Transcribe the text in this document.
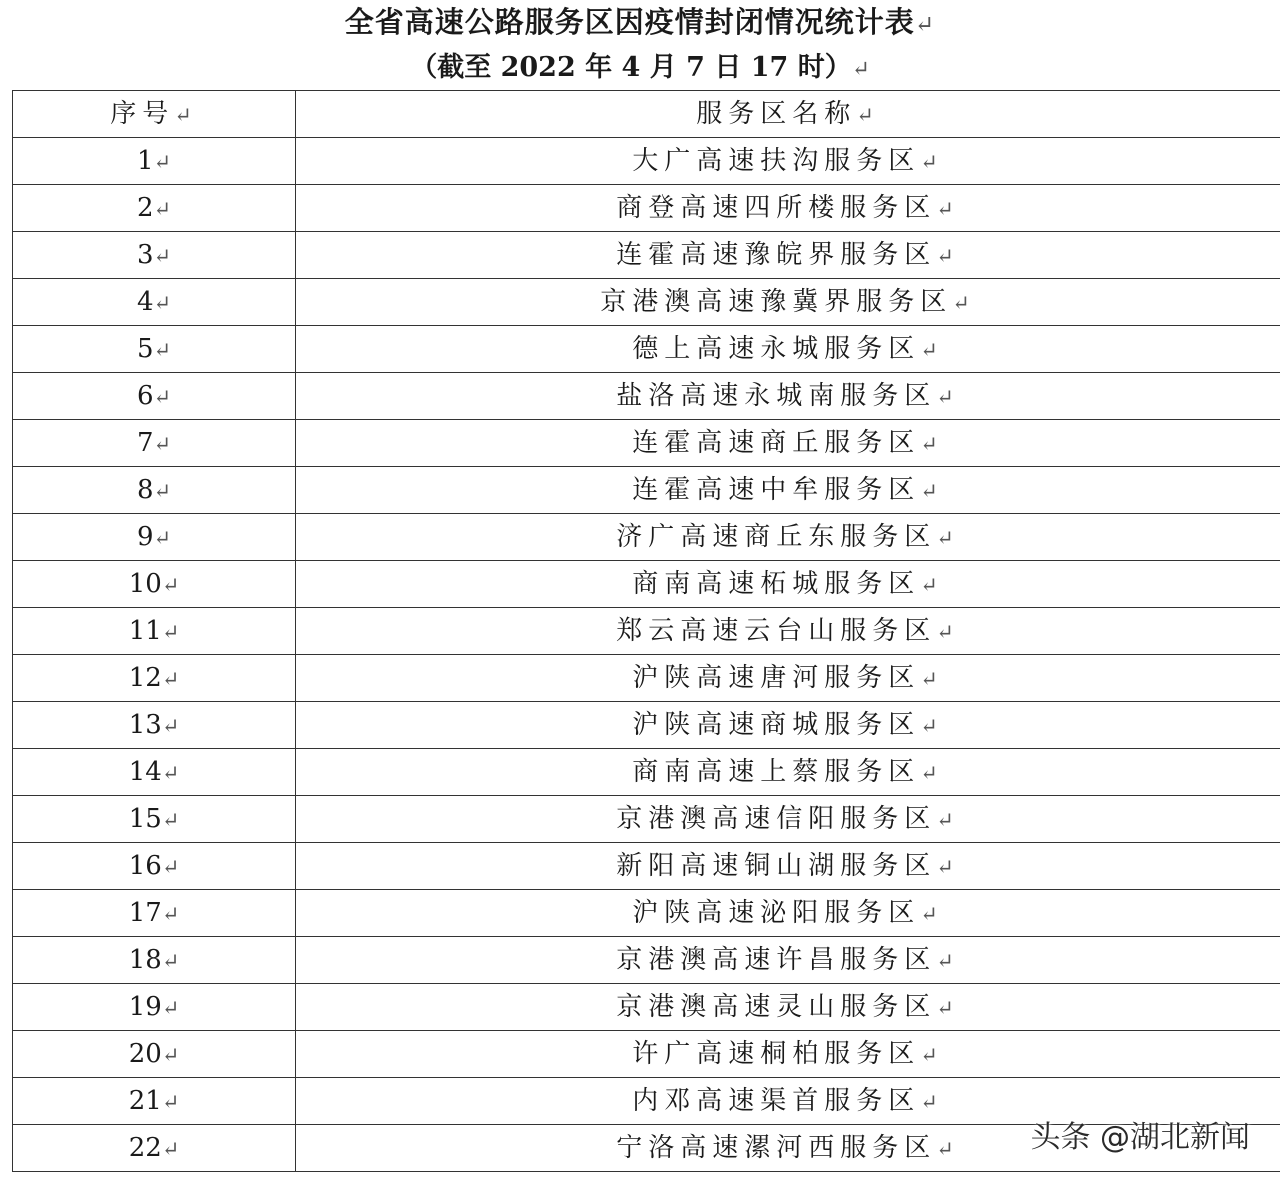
全省高速公路服务区因疫情封闭情况统计表↵
（截至 2022 年 4 月 7 日 17 时）↵
序号↵	服务区名称↵
1↵	大广高速扶沟服务区↵
2↵	商登高速四所楼服务区↵
3↵	连霍高速豫皖界服务区↵
4↵	京港澳高速豫冀界服务区↵
5↵	德上高速永城服务区↵
6↵	盐洛高速永城南服务区↵
7↵	连霍高速商丘服务区↵
8↵	连霍高速中牟服务区↵
9↵	济广高速商丘东服务区↵
10↵	商南高速柘城服务区↵
11↵	郑云高速云台山服务区↵
12↵	沪陕高速唐河服务区↵
13↵	沪陕高速商城服务区↵
14↵	商南高速上蔡服务区↵
15↵	京港澳高速信阳服务区↵
16↵	新阳高速铜山湖服务区↵
17↵	沪陕高速泌阳服务区↵
18↵	京港澳高速许昌服务区↵
19↵	京港澳高速灵山服务区↵
20↵	许广高速桐柏服务区↵
21↵	内邓高速渠首服务区↵
22↵	宁洛高速漯河西服务区↵ 头条 @湖北新闻
